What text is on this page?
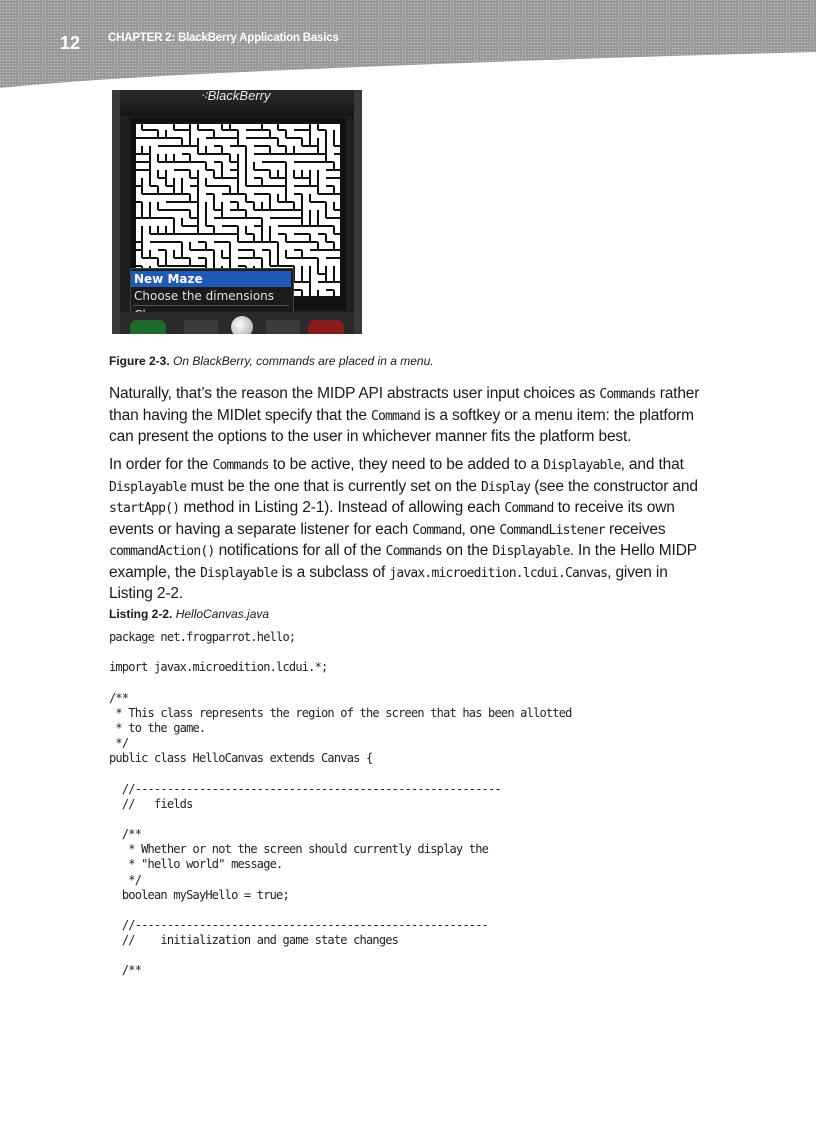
12 CHAPTER 2: BlackBerry Application Basics
⁖BlackBerry
New Maze
Choose the dimensions
Figure 2-3. On BlackBerry, commands are placed in a menu.

Naturally, that’s the reason the MIDP API abstracts user input choices as Commands rather than having the MIDlet specify that the Command is a softkey or a menu item: the platform can present the options to the user in whichever manner fits the platform best.

In order for the Commands to be active, they need to be added to a Displayable, and that Displayable must be the one that is currently set on the Display (see the constructor and startApp() method in Listing 2-1). Instead of allowing each Command to receive its own events or having a separate listener for each Command, one CommandListener receives commandAction() notifications for all of the Commands on the Displayable. In the Hello MIDP example, the Displayable is a subclass of javax.microedition.lcdui.Canvas, given in Listing 2-2.

Listing 2-2. HelloCanvas.java
package net.frogparrot.hello;

import javax.microedition.lcdui.*;

/**
* This class represents the region of the screen that has been allotted
* to the game.
*/
public class HelloCanvas extends Canvas {

//---------------------------------------------------------
//   fields

/**
* Whether or not the screen should currently display the
* "hello world" message.
*/
boolean mySayHello = true;

//-------------------------------------------------------
//    initialization and game state changes

/**
